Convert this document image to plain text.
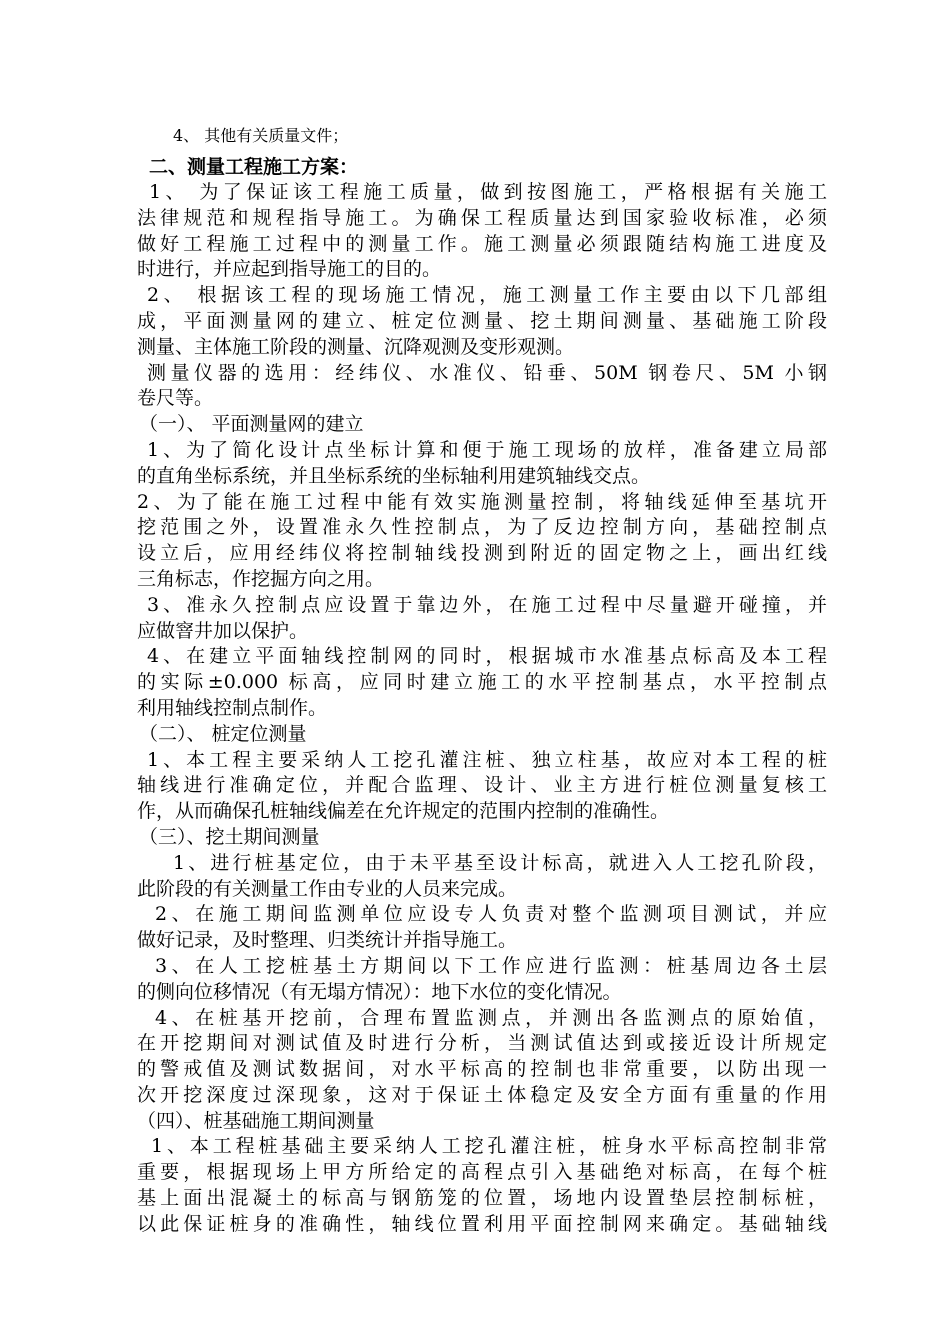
4、 其他有关质量文件；
二、测量工程施工方案：
1、 为了保证该工程施工质量，做到按图施工，严格根据有关施工
法律规范和规程指导施工。为确保工程质量达到国家验收标准，必须
做好工程施工过程中的测量工作。施工测量必须跟随结构施工进度及
时进行，并应起到指导施工的目的。
2、 根据该工程的现场施工情况，施工测量工作主要由以下几部组
成，平面测量网的建立、桩定位测量、挖土期间测量、基础施工阶段
测量、主体施工阶段的测量、沉降观测及变形观测。
测量仪器的选用：经纬仪、水准仪、铅垂、50M 钢卷尺、5M 小钢
卷尺等。
（一）、 平面测量网的建立
1、为了简化设计点坐标计算和便于施工现场的放样，准备建立局部
的直角坐标系统，并且坐标系统的坐标轴利用建筑轴线交点。
2、为了能在施工过程中能有效实施测量控制，将轴线延伸至基坑开
挖范围之外，设置准永久性控制点，为了反边控制方向，基础控制点
设立后，应用经纬仪将控制轴线投测到附近的固定物之上，画出红线
三角标志，作挖掘方向之用。
3、准永久控制点应设置于靠边外，在施工过程中尽量避开碰撞，并
应做窨井加以保护。
4、在建立平面轴线控制网的同时，根据城市水准基点标高及本工程
的实际±0.000 标高，应同时建立施工的水平控制基点，水平控制点
利用轴线控制点制作。
（二）、 桩定位测量
1、本工程主要采纳人工挖孔灌注桩、独立柱基，故应对本工程的桩
轴线进行准确定位，并配合监理、设计、业主方进行桩位测量复核工
作，从而确保孔桩轴线偏差在允许规定的范围内控制的准确性。
（三）、挖土期间测量
1、进行桩基定位，由于未平基至设计标高，就进入人工挖孔阶段，
此阶段的有关测量工作由专业的人员来完成。
2、在施工期间监测单位应设专人负责对整个监测项目测试，并应
做好记录，及时整理、归类统计并指导施工。
3、在人工挖桩基土方期间以下工作应进行监测：桩基周边各土层
的侧向位移情况（有无塌方情况）：地下水位的变化情况。
4、在桩基开挖前，合理布置监测点，并测出各监测点的原始值，
在开挖期间对测试值及时进行分析，当测试值达到或接近设计所规定
的警戒值及测试数据间，对水平标高的控制也非常重要，以防出现一
次开挖深度过深现象，这对于保证土体稳定及安全方面有重量的作用
（四）、桩基础施工期间测量
1、本工程桩基础主要采纳人工挖孔灌注桩，桩身水平标高控制非常
重要，根据现场上甲方所给定的高程点引入基础绝对标高，在每个桩
基上面出混凝土的标高与钢筋笼的位置，场地内设置垫层控制标桩，
以此保证桩身的准确性，轴线位置利用平面控制网来确定。基础轴线
